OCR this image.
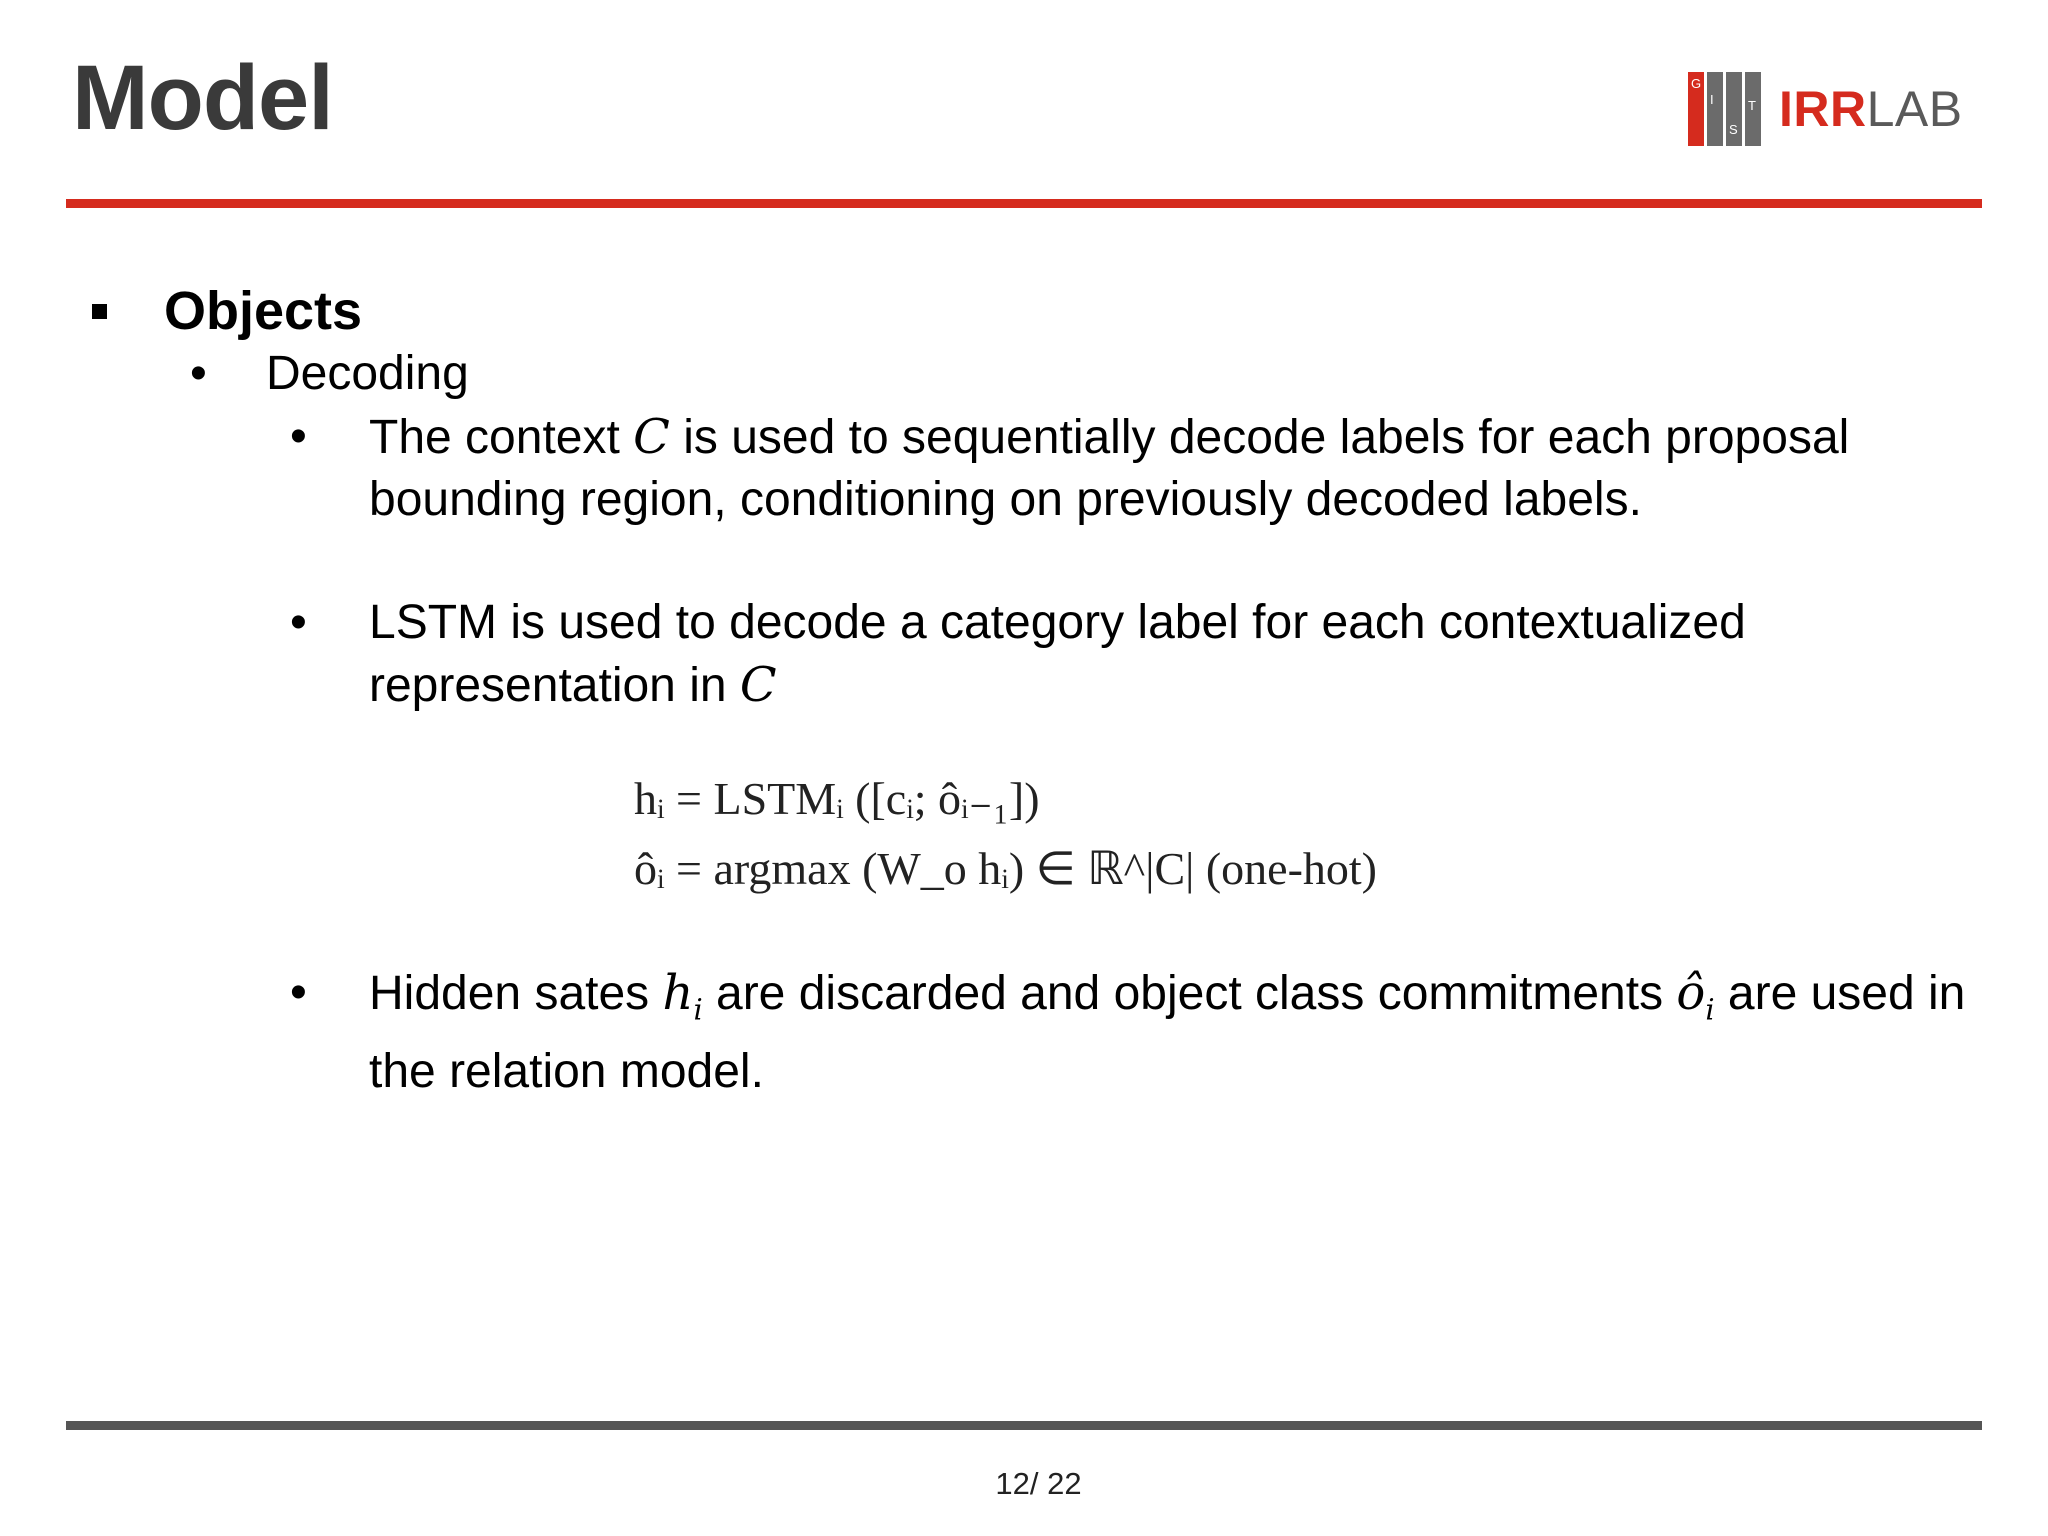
Model	G
I
S
T IRRLAB
Objects
•	Decoding
•	The context C is used to sequentially decode labels for each proposal bounding region, conditioning on previously decoded labels.
•	LSTM is used to decode a category label for each contextualized representation in C
hᵢ = LSTMᵢ ([cᵢ; ôᵢ₋₁])
ôᵢ = argmax (W_o hᵢ) ∈ ℝ^|C| (one-hot)
•	Hidden sates $h_i$ are discarded and object class commitments $ô_i$ are used in the relation model.
12/ 22
